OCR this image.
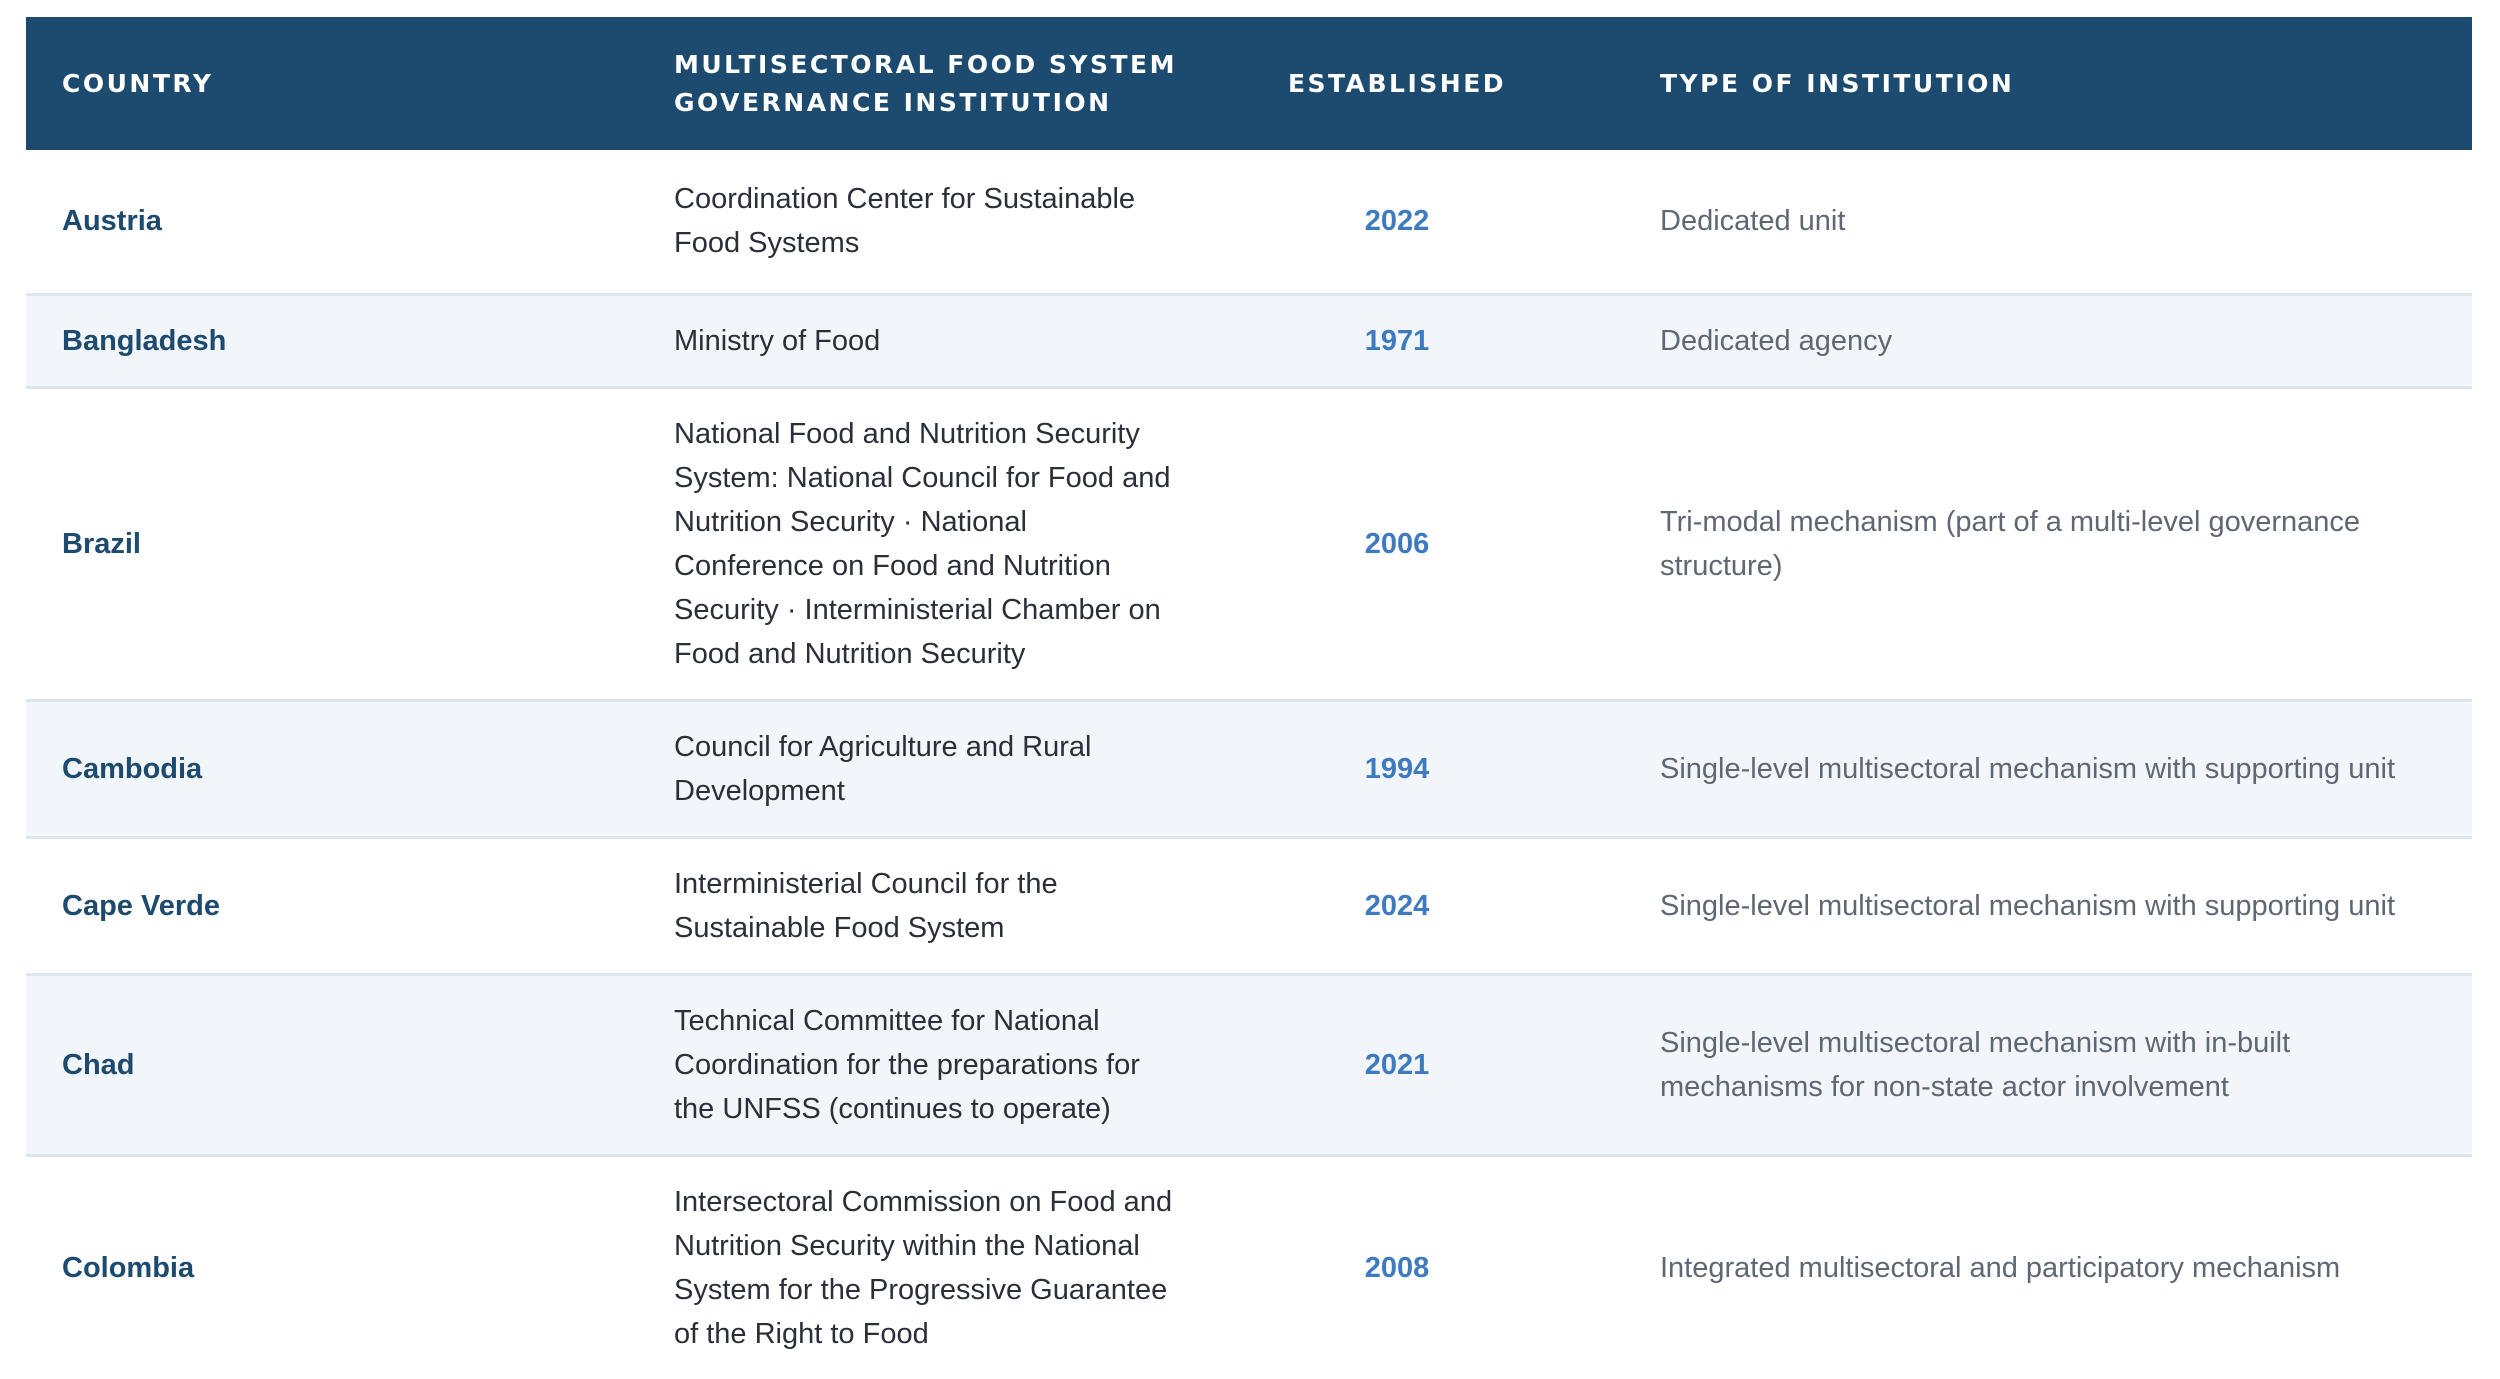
COUNTRY	MULTISECTORAL FOOD SYSTEM
GOVERNANCE INSTITUTION	ESTABLISHED	TYPE OF INSTITUTION
Austria	Coordination Center for Sustainable Food Systems	2022	Dedicated unit
Bangladesh	Ministry of Food	1971	Dedicated agency
Brazil	National Food and Nutrition Security System: National Council for Food and Nutrition Security · National Conference on Food and Nutrition Security · Interministerial Chamber on Food and Nutrition Security	2006	Tri-modal mechanism (part of a multi-level governance structure)
Cambodia	Council for Agriculture and Rural Development	1994	Single-level multisectoral mechanism with supporting unit
Cape Verde	Interministerial Council for the Sustainable Food System	2024	Single-level multisectoral mechanism with supporting unit
Chad	Technical Committee for National Coordination for the preparations for the UNFSS (continues to operate)	2021	Single-level multisectoral mechanism with in-built mechanisms for non-state actor involvement
Colombia	Intersectoral Commission on Food and Nutrition Security within the National System for the Progressive Guarantee of the Right to Food	2008	Integrated multisectoral and participatory mechanism
